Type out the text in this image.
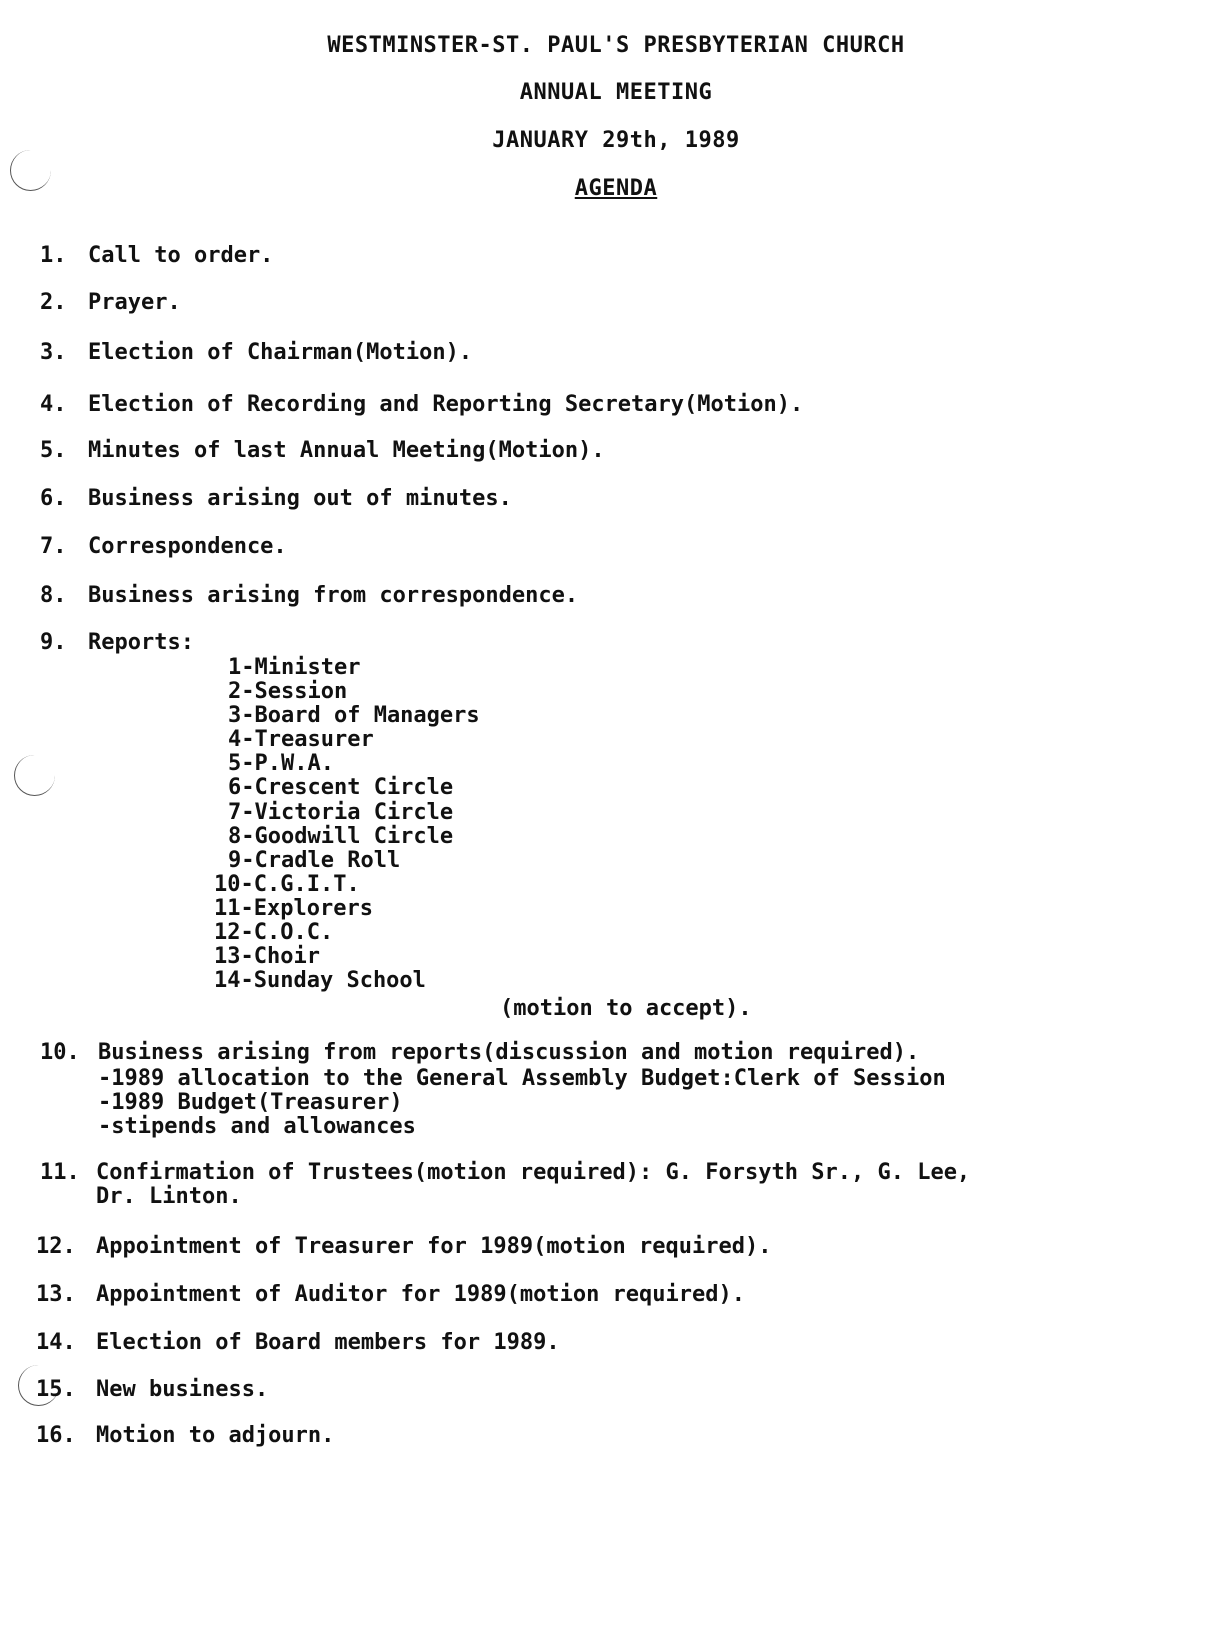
WESTMINSTER-ST. PAUL'S PRESBYTERIAN CHURCH
ANNUAL MEETING
JANUARY 29th, 1989
AGENDA
1. Call to order.
2. Prayer.
3. Election of Chairman(Motion).
4. Election of Recording and Reporting Secretary(Motion).
5. Minutes of last Annual Meeting(Motion).
6. Business arising out of minutes.
7. Correspondence.
8. Business arising from correspondence.
9. Reports:
1-Minister
2-Session
3-Board of Managers
4-Treasurer
5-P.W.A.
6-Crescent Circle
7-Victoria Circle
8-Goodwill Circle
9-Cradle Roll
10-C.G.I.T.
11-Explorers
12-C.O.C.
13-Choir
14-Sunday School
(motion to accept).
10. Business arising from reports(discussion and motion required).
-1989 allocation to the General Assembly Budget:Clerk of Session
-1989 Budget(Treasurer)
-stipends and allowances
11. Confirmation of Trustees(motion required): G. Forsyth Sr., G. Lee,
Dr. Linton.
12. Appointment of Treasurer for 1989(motion required).
13. Appointment of Auditor for 1989(motion required).
14. Election of Board members for 1989.
15. New business.
16. Motion to adjourn.
